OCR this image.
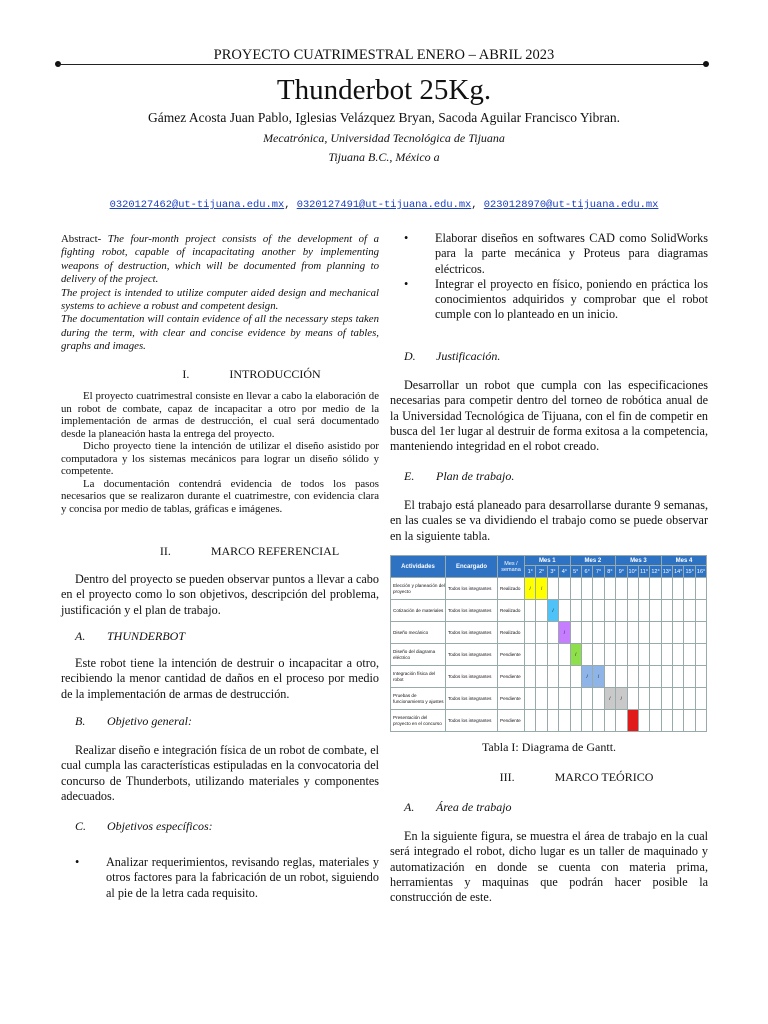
PROYECTO CUATRIMESTRAL ENERO – ABRIL 2023
Thunderbot 25Kg.
Gámez Acosta Juan Pablo, Iglesias Velázquez Bryan, Sacoda Aguilar Francisco Yibran.
Mecatrónica, Universidad Tecnológica de Tijuana
Tijuana B.C., México a
0320127462@ut-tijuana.edu.mx, 0320127491@ut-tijuana.edu.mx, 0230128970@ut-tijuana.edu.mx
Abstract- The four-month project consists of the development of a fighting robot, capable of incapacitating another by implementing weapons of destruction, which will be documented from planning to delivery of the project.
The project is intended to utilize computer aided design and mechanical systems to achieve a robust and competent design.
The documentation will contain evidence of all the necessary steps taken during the term, with clear and concise evidence by means of tables, graphs and images.
I.	INTRODUCCIÓN

El proyecto cuatrimestral consiste en llevar a cabo la elaboración de un robot de combate, capaz de incapacitar a otro por medio de la implementación de armas de destrucción, el cual será documentado desde la planeación hasta la entrega del proyecto.

Dicho proyecto tiene la intención de utilizar el diseño asistido por computadora y los sistemas mecánicos para lograr un diseño sólido y competente.

La documentación contendrá evidencia de todos los pasos necesarios que se realizaron durante el cuatrimestre, con evidencia clara y concisa por medio de tablas, gráficas e imágenes.

II.	MARCO REFERENCIAL

Dentro del proyecto se pueden observar puntos a llevar a cabo en el proyecto como lo son objetivos, descripción del problema, justificación y el plan de trabajo.

A. THUNDERBOT

Este robot tiene la intención de destruir o incapacitar a otro, recibiendo la menor cantidad de daños en el proceso por medio de la implementación de armas de destrucción.

B. Objetivo general:

Realizar diseño e integración física de un robot de combate, el cual cumpla las características estipuladas en la convocatoria del concurso de Thunderbots, utilizando materiales y componentes adecuados.

C. Objetivos específicos:
• Analizar requerimientos, revisando reglas, materiales y otros factores para la fabricación de un robot, siguiendo al pie de la letra cada requisito.
• Elaborar diseños en softwares CAD como SolidWorks para la parte mecánica y Proteus para diagramas eléctricos.
• Integrar el proyecto en físico, poniendo en práctica los conocimientos adquiridos y comprobar que el robot cumple con lo planteado en un inicio.
D. Justificación.

Desarrollar un robot que cumpla con las especificaciones necesarias para competir dentro del torneo de robótica anual de la Universidad Tecnológica de Tijuana, con el fin de competir en busca del 1er lugar al destruir de forma exitosa a la competencia, manteniendo integridad en el robot creado.

E. Plan de trabajo.

El trabajo está planeado para desarrollarse durante 9 semanas, en las cuales se va dividiendo el trabajo como se puede observar en la siguiente tabla.

Actividades	Encargado	Mes / semana	Mes 1				Mes 2				Mes 3				Mes 4			
			1°	2°	3°	4°	5°	6°	7°	8°	9°	10°	11°	12°	13°	14°	15°	16°
Elección y planeación del proyecto	Todos los integrantes	Realizado	/	/														
Cotización de materiales	Todos los integrantes	Realizado			/													
Diseño mecánico	Todos los integrantes	Realizado				/												
Diseño del diagrama eléctrico	Todos los integrantes	Pendiente					/											
Integración física del robot	Todos los integrantes	Pendiente						/	/									
Pruebas de funcionamiento y ajustes	Todos los integrantes	Pendiente								/	/							
Presentación del proyecto en el concurso	Todos los integrantes	Pendiente																
Tabla I: Diagrama de Gantt.
III.	MARCO TEÓRICO
A. Área de trabajo

En la siguiente figura, se muestra el área de trabajo en la cual será integrado el robot, dicho lugar es un taller de maquinado y automatización en donde se cuenta con materia prima, herramientas y maquinas que podrán hacer posible la construcción de este.
